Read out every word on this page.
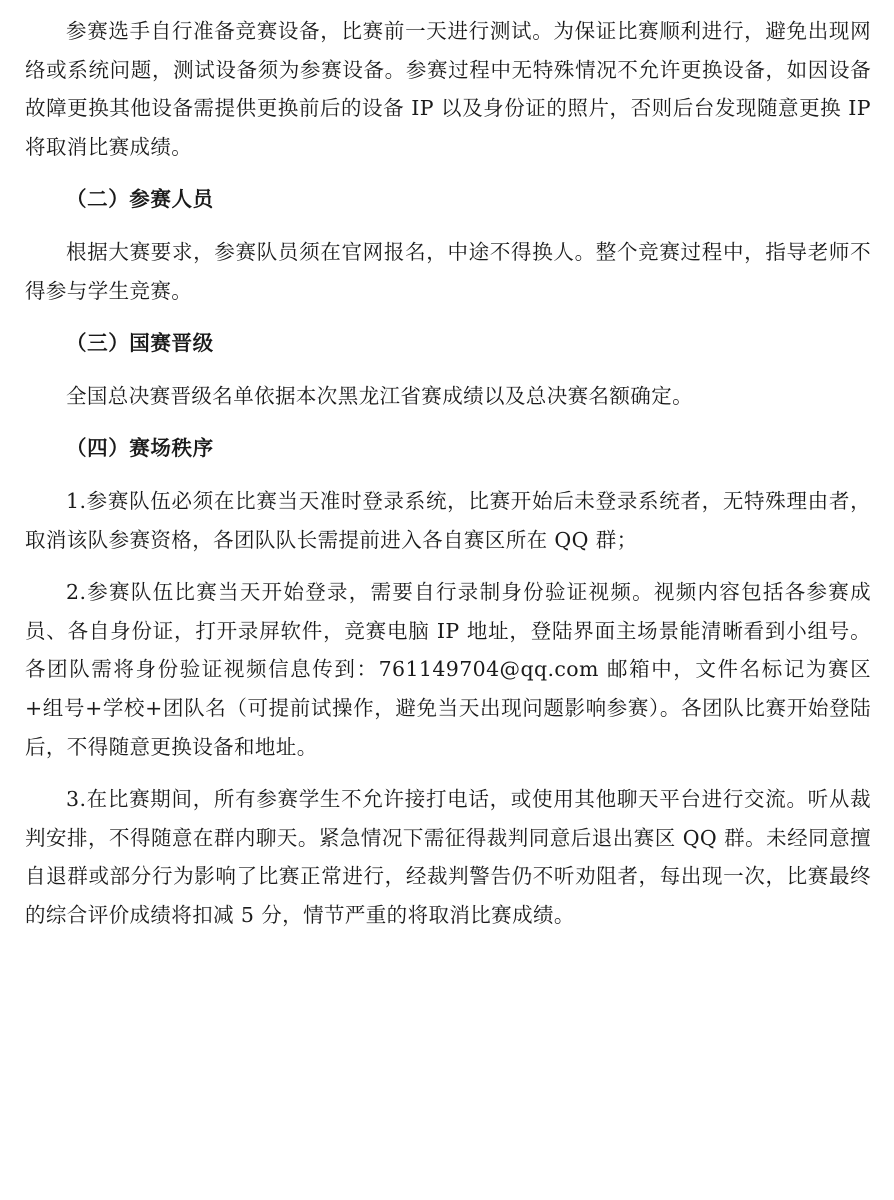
参赛选手自行准备竞赛设备，比赛前一天进行测试。为保证比赛顺利进行，避免出现网络或系统问题，测试设备须为参赛设备。参赛过程中无特殊情况不允许更换设备，如因设备故障更换其他设备需提供更换前后的设备 IP 以及身份证的照片，否则后台发现随意更换 IP 将取消比赛成绩。

（二）参赛人员

根据大赛要求，参赛队员须在官网报名，中途不得换人。整个竞赛过程中，指导老师不得参与学生竞赛。

（三）国赛晋级

全国总决赛晋级名单依据本次黑龙江省赛成绩以及总决赛名额确定。

（四）赛场秩序

1.参赛队伍必须在比赛当天准时登录系统，比赛开始后未登录系统者，无特殊理由者，取消该队参赛资格，各团队队长需提前进入各自赛区所在 QQ 群；

2.参赛队伍比赛当天开始登录，需要自行录制身份验证视频。视频内容包括各参赛成员、各自身份证，打开录屏软件，竞赛电脑 IP 地址，登陆界面主场景能清晰看到小组号。各团队需将身份验证视频信息传到：761149704@qq.com 邮箱中，文件名标记为赛区+组号+学校+团队名（可提前试操作，避免当天出现问题影响参赛）。各团队比赛开始登陆后，不得随意更换设备和地址。

3.在比赛期间，所有参赛学生不允许接打电话，或使用其他聊天平台进行交流。听从裁判安排，不得随意在群内聊天。紧急情况下需征得裁判同意后退出赛区 QQ 群。未经同意擅自退群或部分行为影响了比赛正常进行，经裁判警告仍不听劝阻者，每出现一次，比赛最终的综合评价成绩将扣减 5 分，情节严重的将取消比赛成绩。
